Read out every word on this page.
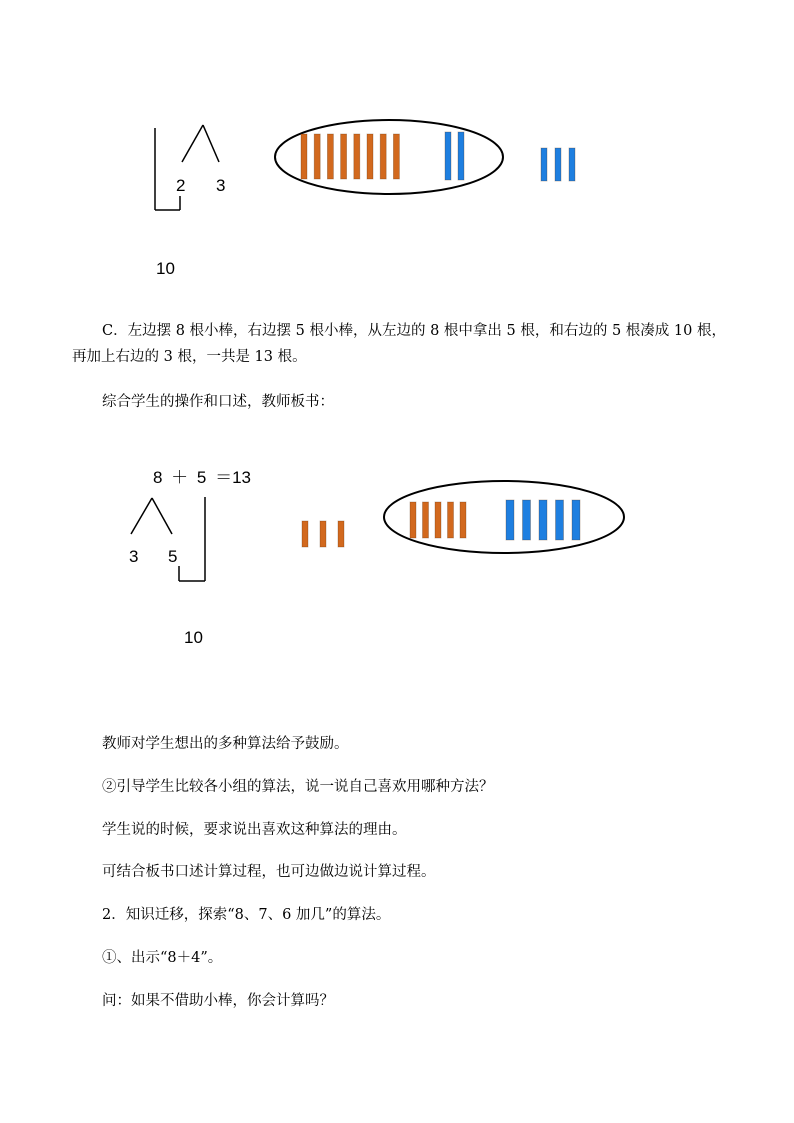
2 3
10
C．左边摆 8 根小棒，右边摆 5 根小棒，从左边的 8 根中拿出 5 根，和右边的 5 根凑成 10 根，再加上右边的 3 根，一共是 13 根。
综合学生的操作和口述，教师板书：
8 ＋ 5 ＝13
3 5
10
教师对学生想出的多种算法给予鼓励。
②引导学生比较各小组的算法，说一说自己喜欢用哪种方法？
学生说的时候，要求说出喜欢这种算法的理由。
可结合板书口述计算过程，也可边做边说计算过程。
2．知识迁移，探索“8、7、6 加几”的算法。
①、出示“8＋4”。
问：如果不借助小棒，你会计算吗？
